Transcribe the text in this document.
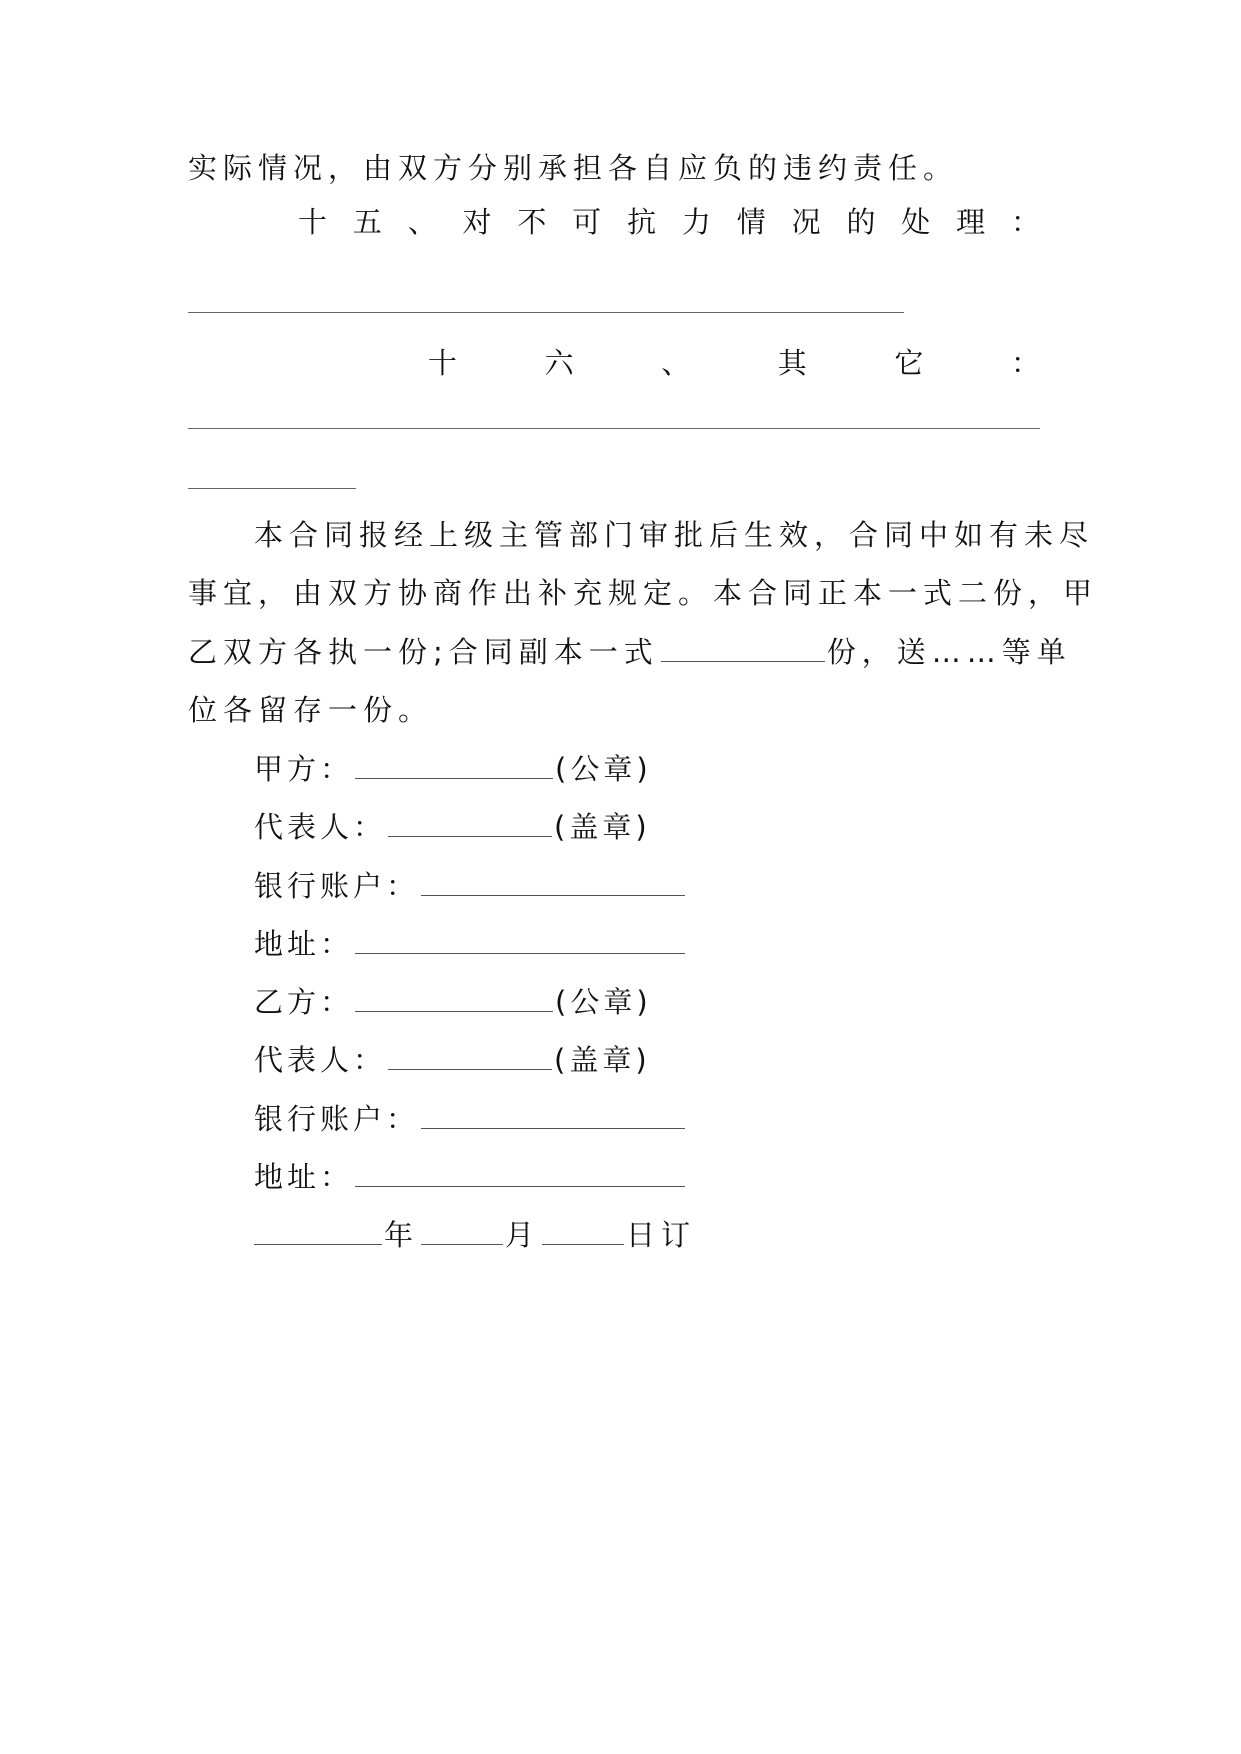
实际情况，由双方分别承担各自应负的违约责任。
十 五 、 对 不 可 抗 力 情 况 的 处 理 ：
十	六	、	其	它	：
本合同报经上级主管部门审批后生效，合同中如有未尽
事宜，由双方协商作出补充规定。本合同正本一式二份，甲
乙双方各执一份;合同副本一式	份，送……等单
位各留存一份。
甲方：	(公章)
代表人：	(盖章)
银行账户：
地址：
乙方：	(公章)
代表人：	(盖章)
银行账户：
地址：
年	月	日订
